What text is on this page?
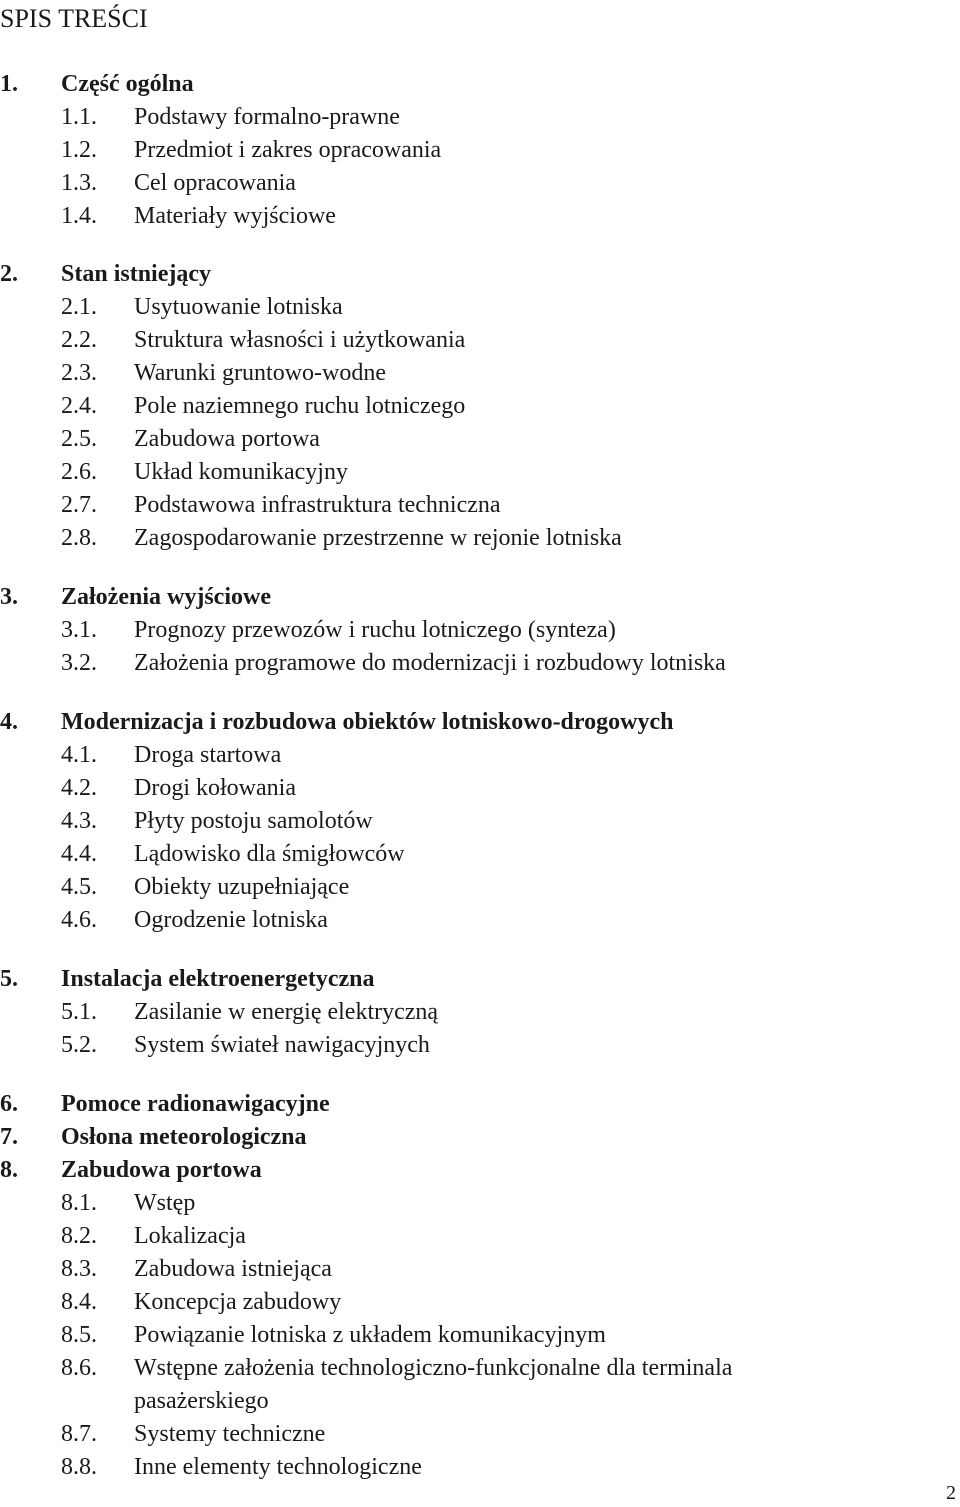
SPIS TREŚCI
1. Część ogólna
1.1. Podstawy formalno-prawne
1.2. Przedmiot i zakres opracowania
1.3. Cel opracowania
1.4. Materiały wyjściowe
2. Stan istniejący
2.1. Usytuowanie lotniska
2.2. Struktura własności i użytkowania
2.3. Warunki gruntowo-wodne
2.4. Pole naziemnego ruchu lotniczego
2.5. Zabudowa portowa
2.6. Układ komunikacyjny
2.7. Podstawowa infrastruktura techniczna
2.8. Zagospodarowanie przestrzenne w rejonie lotniska
3. Założenia wyjściowe
3.1. Prognozy przewozów i ruchu lotniczego (synteza)
3.2. Założenia programowe do modernizacji i rozbudowy lotniska
4. Modernizacja i rozbudowa obiektów lotniskowo-drogowych
4.1. Droga startowa
4.2. Drogi kołowania
4.3. Płyty postoju samolotów
4.4. Lądowisko dla śmigłowców
4.5. Obiekty uzupełniające
4.6. Ogrodzenie lotniska
5. Instalacja elektroenergetyczna
5.1. Zasilanie w energię elektryczną
5.2. System świateł nawigacyjnych
6. Pomoce radionawigacyjne
7. Osłona meteorologiczna
8. Zabudowa portowa
8.1. Wstęp
8.2. Lokalizacja
8.3. Zabudowa istniejąca
8.4. Koncepcja zabudowy
8.5. Powiązanie lotniska z układem komunikacyjnym
8.6. Wstępne założenia technologiczno-funkcjonalne dla terminala
pasażerskiego
8.7. Systemy techniczne
8.8. Inne elementy technologiczne
2
